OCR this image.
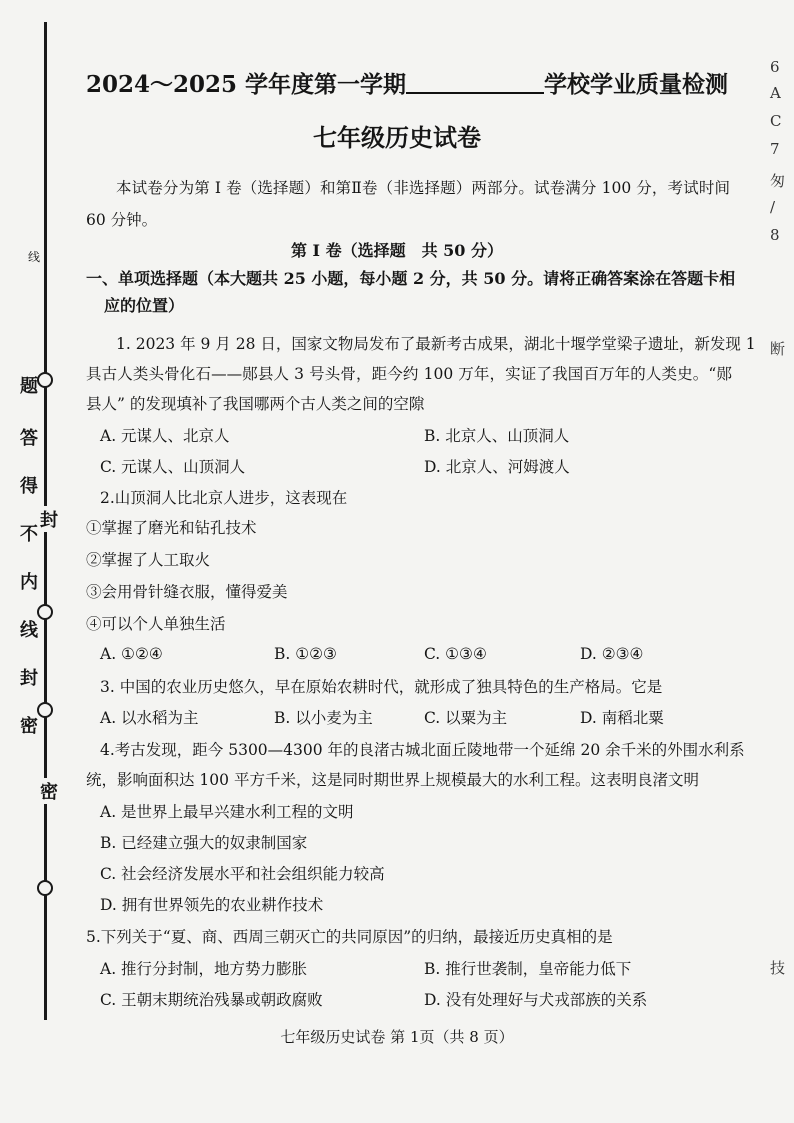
线
题
答
得
不
内
线
封
密
封
密
2024～2025 学年度第一学期	学校学业质量检测
七年级历史试卷
本试卷分为第 I 卷（选择题）和第Ⅱ卷（非选择题）两部分。试卷满分 100 分，考试时间
60 分钟。
第 I 卷（选择题　共 50 分）
一、单项选择题（本大题共 25 小题，每小题 2 分，共 50 分。请将正确答案涂在答题卡相
应的位置）
1. 2023 年 9 月 28 日，国家文物局发布了最新考古成果，湖北十堰学堂梁子遗址，新发现 1
具古人类头骨化石——郧县人 3 号头骨，距今约 100 万年，实证了我国百万年的人类史。“郧
县人” 的发现填补了我国哪两个古人类之间的空隙
A. 元谋人、北京人	B. 北京人、山顶洞人
C. 元谋人、山顶洞人	D. 北京人、河姆渡人
2.山顶洞人比北京人进步，这表现在
①掌握了磨光和钻孔技术
②掌握了人工取火
③会用骨针缝衣服，懂得爱美
④可以个人单独生活
A. ①②④	B. ①②③	C. ①③④	D. ②③④
3. 中国的农业历史悠久，早在原始农耕时代，就形成了独具特色的生产格局。它是
A. 以水稻为主	B. 以小麦为主	C. 以粟为主	D. 南稻北粟
4.考古发现，距今 5300—4300 年的良渚古城北面丘陵地带一个延绵 20 余千米的外围水利系
统，影响面积达 100 平方千米，这是同时期世界上规模最大的水利工程。这表明良渚文明
A. 是世界上最早兴建水利工程的文明
B. 已经建立强大的奴隶制国家
C. 社会经济发展水平和社会组织能力较高
D. 拥有世界领先的农业耕作技术
5.下列关于“夏、商、西周三朝灭亡的共同原因”的归纳，最接近历史真相的是
A. 推行分封制，地方势力膨胀	B. 推行世袭制，皇帝能力低下
C. 王朝末期统治残暴或朝政腐败	D. 没有处理好与犬戎部族的关系
七年级历史试卷 第 1页（共 8 页）
6
A
C
7
匆
/
8
断
技
